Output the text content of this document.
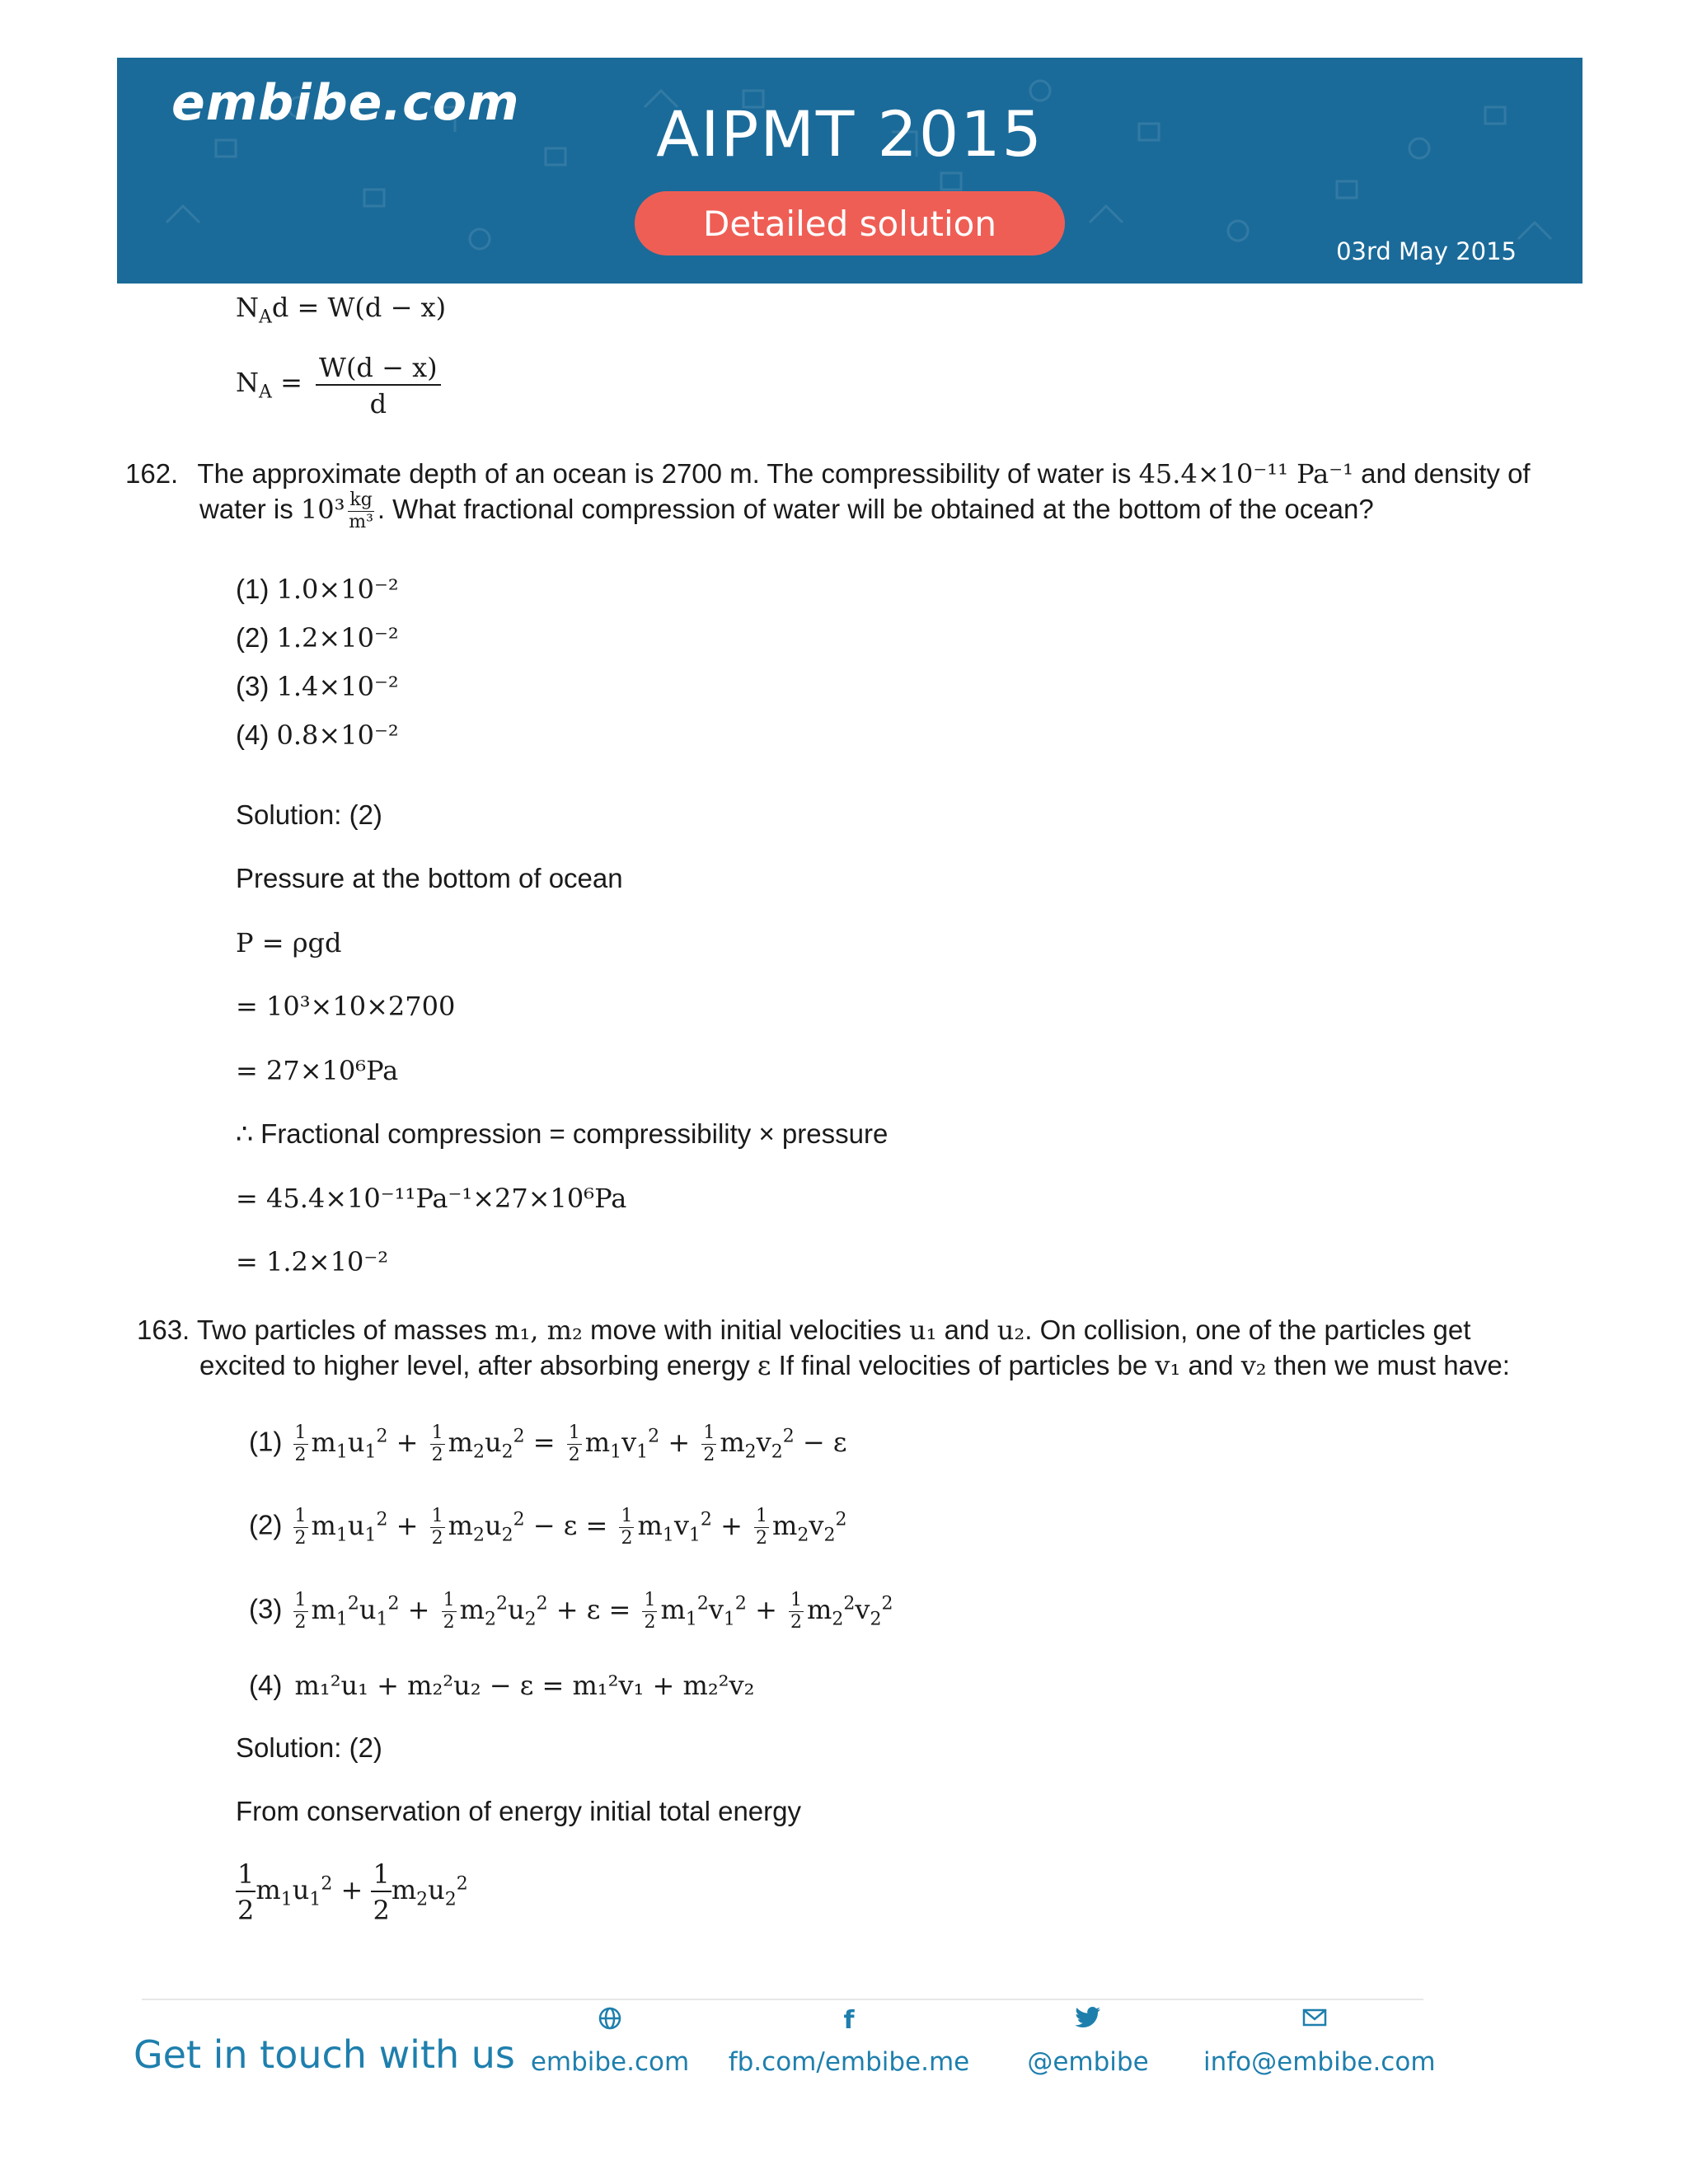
embibe.com	AIPMT 2015
Detailed solution
03rd May 2015
$N_Ad = W(d - x)$
$N_A = \frac{W(d - x)}{d}$
162. The approximate depth of an ocean is 2700 m. The compressibility of water is 45.4×10⁻¹¹ Pa⁻¹ and density of
water is $10^3 \frac{kg}{\text{m³}}$ . What fractional compression of water will be obtained at the bottom of the ocean?
(1) 1.0×10⁻²
(2) 1.2×10⁻²
(3) 1.4×10⁻²
(4) 0.8×10⁻²
Solution: (2)
Pressure at the bottom of ocean
P = ρgd
= 10³×10×2700
= 27×10⁶Pa
∴ Fractional compression = compressibility × pressure
= 45.4×10⁻¹¹Pa⁻¹×27×10⁶Pa
= 1.2×10⁻²
163. Two particles of masses m₁, m₂ move with initial velocities u₁ and u₂. On collision, one of the particles get
excited to higher level, after absorbing energy ε If final velocities of particles be v₁ and v₂ then we must have:
$(1) \frac{1}{2} m_1u_1^2 + \frac{1}{2} m_2u_2^2 = \frac{1}{2} m_1v_1^2 + \frac{1}{2} m_2v_2^2 - \varepsilon$
$(2) \frac{1}{2} m_1u_1^2 + \frac{1}{2} m_2u_2^2 - \varepsilon = \frac{1}{2} m_1v_1^2 + \frac{1}{2} m_2v_2^2$
$(3) \frac{1}{2} m_1^2u_1^2 + \frac{1}{2} m_2^2u_2^2 + \varepsilon = \frac{1}{2} m_1^2v_1^2 + \frac{1}{2} m_2^2v_2^2$
(4) m₁²u₁ + m₂²u₂ − ε = m₁²v₁ + m₂²v₂
Solution: (2)
From conservation of energy initial total energy
$\frac{1}{2} m_1u_1^2 + \frac{1}{2} m_2u_2^2$
Get in touch with us embibe.com
f
fb.com/embibe.me	@embibe	info@embibe.com
